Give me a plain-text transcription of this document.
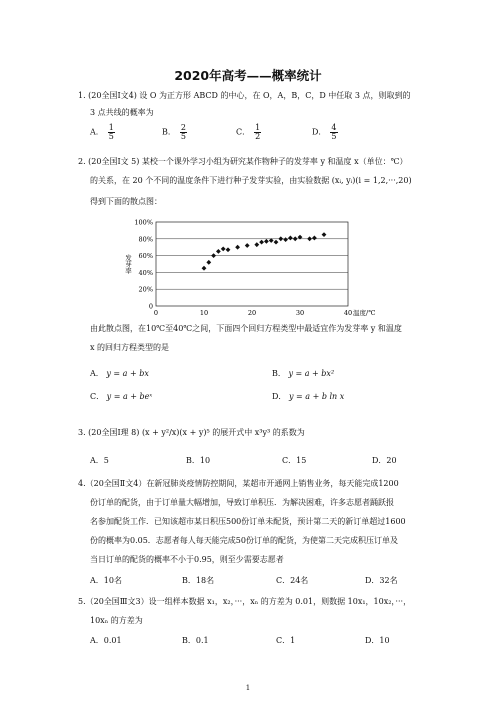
2020年高考——概率统计
1. (20全国Ⅰ文4) 设 O 为正方形 ABCD 的中心，在 O，A，B，C，D 中任取 3 点，则取到的
3 点共线的概率为
A． $\frac{1}{5}$	B． $\frac{2}{5}$	C． $\frac{1}{2}$	D． $\frac{4}{5}$
2. (20全国Ⅰ文 5) 某校一个课外学习小组为研究某作物种子的发芽率 y 和温度 x（单位：℃）
的关系，在 20 个不同的温度条件下进行种子发芽实验，由实验数据 (xᵢ, yᵢ)(i = 1,2,···,20)
得到下面的散点图：
0
20%
40%
60%
80%
100%
0	10	20	30	40 温度/℃
发芽率
由此散点图，在10℃至40℃之间，下面四个回归方程类型中最适宜作为发芽率 y 和温度
x 的回归方程类型的是
A． y = a + bx	B． y = a + bx²
C． y = a + beˣ	D． y = a + b ln x
3. (20全国Ⅰ理 8) (x + y²/x)(x + y)⁵ 的展开式中 x³y³ 的系数为
A．5	B．10	C．15	D．20
4.（20全国Ⅱ文4）在新冠肺炎疫情防控期间，某超市开通网上销售业务，每天能完成1200
份订单的配货，由于订单量大幅增加，导致订单积压．为解决困难，许多志愿者踊跃报
名参加配货工作．已知该超市某日积压500份订单未配货，预计第二天的新订单超过1600
份的概率为0.05．志愿者每人每天能完成50份订单的配货，为使第二天完成积压订单及
当日订单的配货的概率不小于0.95，则至少需要志愿者
A．10名	B．18名	C．24名	D．32名
5.（20全国Ⅲ文3）设一组样本数据 x₁，x₂，···，xₙ 的方差为 0.01，则数据 10x₁，10x₂，···，
10xₙ 的方差为
A．0.01	B．0.1	C．1	D．10
1
